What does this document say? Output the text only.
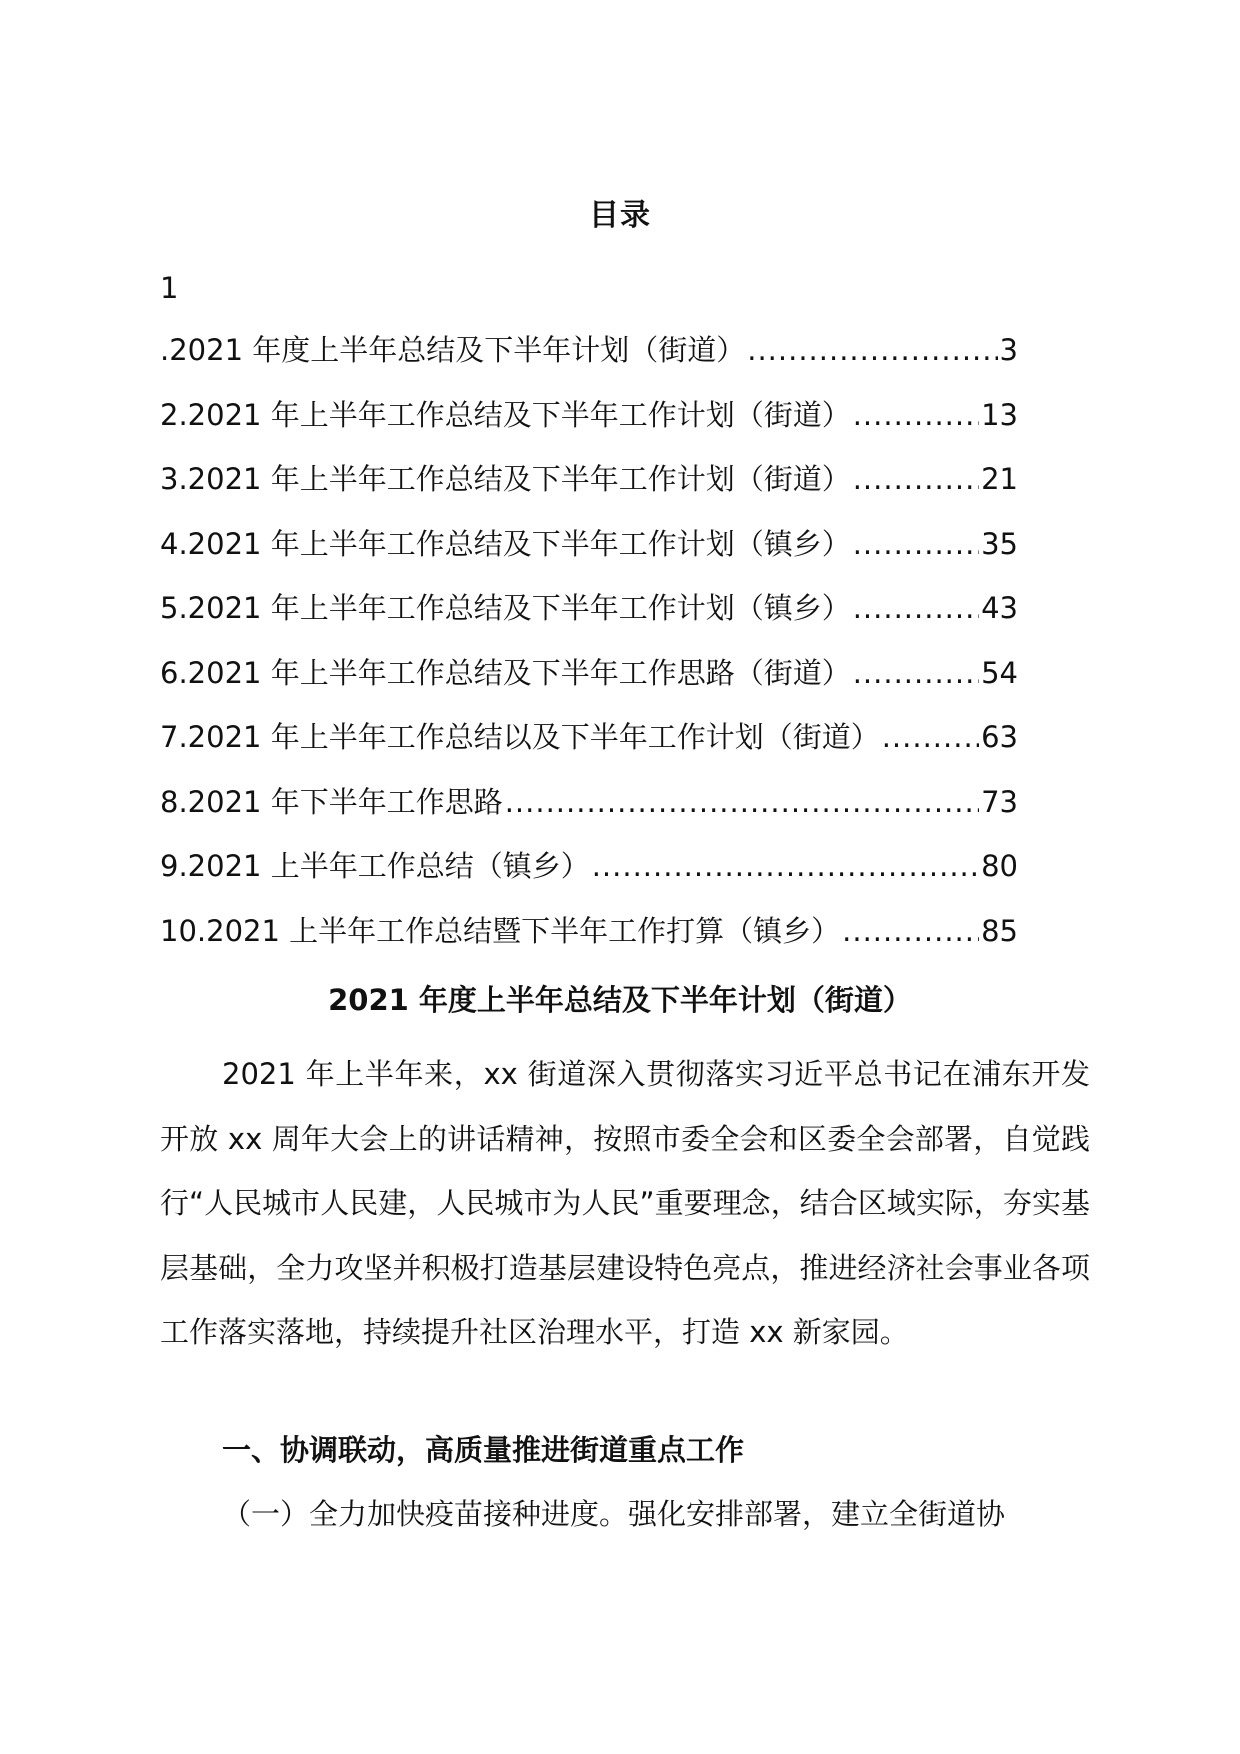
目录
1
.2021 年度上半年总结及下半年计划（街道） .....	3
2.2021 年上半年工作总结及下半年工作计划（街道） .....	13
3.2021 年上半年工作总结及下半年工作计划（街道） .....	21
4.2021 年上半年工作总结及下半年工作计划（镇乡） .....	35
5.2021 年上半年工作总结及下半年工作计划（镇乡） .....	43
6.2021 年上半年工作总结及下半年工作思路（街道） .....	54
7.2021 年上半年工作总结以及下半年工作计划（街道） .....	63
8.2021 年下半年工作思路 .....	73
9.2021 上半年工作总结（镇乡） .....	80
10.2021 上半年工作总结暨下半年工作打算（镇乡） .....	85
2021 年度上半年总结及下半年计划（街道）

2021 年上半年来，xx 街道深入贯彻落实习近平总书记在浦东开发开放 xx 周年大会上的讲话精神，按照市委全会和区委全会部署，自觉践行“人民城市人民建，人民城市为人民”重要理念，结合区域实际，夯实基层基础，全力攻坚并积极打造基层建设特色亮点，推进经济社会事业各项工作落实落地，持续提升社区治理水平，打造 xx 新家园。

一、协调联动，高质量推进街道重点工作

（一）全力加快疫苗接种进度。强化安排部署，建立全街道协
